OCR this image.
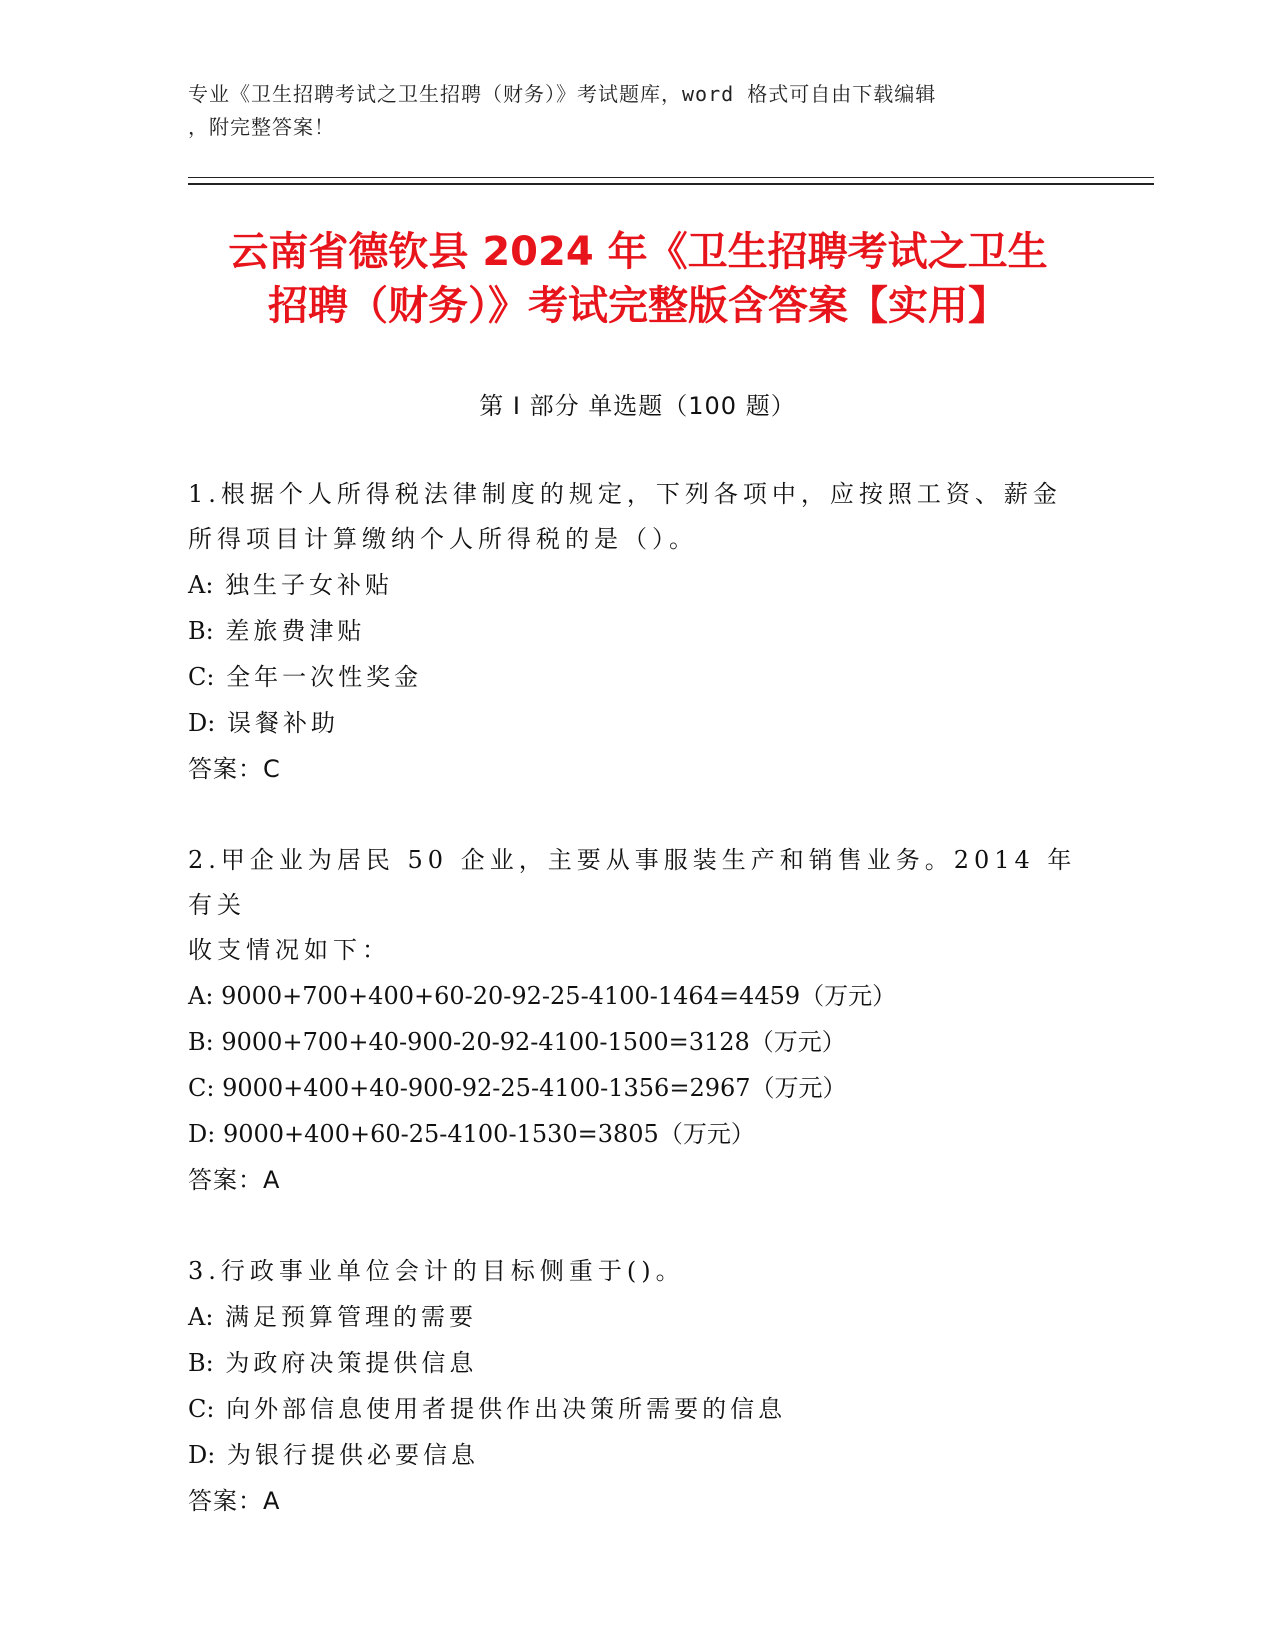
专业《卫生招聘考试之卫生招聘（财务）》考试题库，word 格式可自由下载编辑
，附完整答案！
云南省德钦县 2024 年《卫生招聘考试之卫生
招聘（财务）》考试完整版含答案【实用】
第 I 部分 单选题（100 题）

1.根据个人所得税法律制度的规定，下列各项中，应按照工资、薪金

所得项目计算缴纳个人所得税的是（）。

A: 独生子女补贴

B: 差旅费津贴

C: 全年一次性奖金

D: 误餐补助

答案：C

2.甲企业为居民 50 企业，主要从事服装生产和销售业务。2014 年有关

收支情况如下：

A: 9000+700+400+60-20-92-25-4100-1464=4459（万元）

B: 9000+700+40-900-20-92-4100-1500=3128（万元）

C: 9000+400+40-900-92-25-4100-1356=2967（万元）

D: 9000+400+60-25-4100-1530=3805（万元）

答案：A

3.行政事业单位会计的目标侧重于()。

A: 满足预算管理的需要

B: 为政府决策提供信息

C: 向外部信息使用者提供作出决策所需要的信息

D: 为银行提供必要信息

答案：A
